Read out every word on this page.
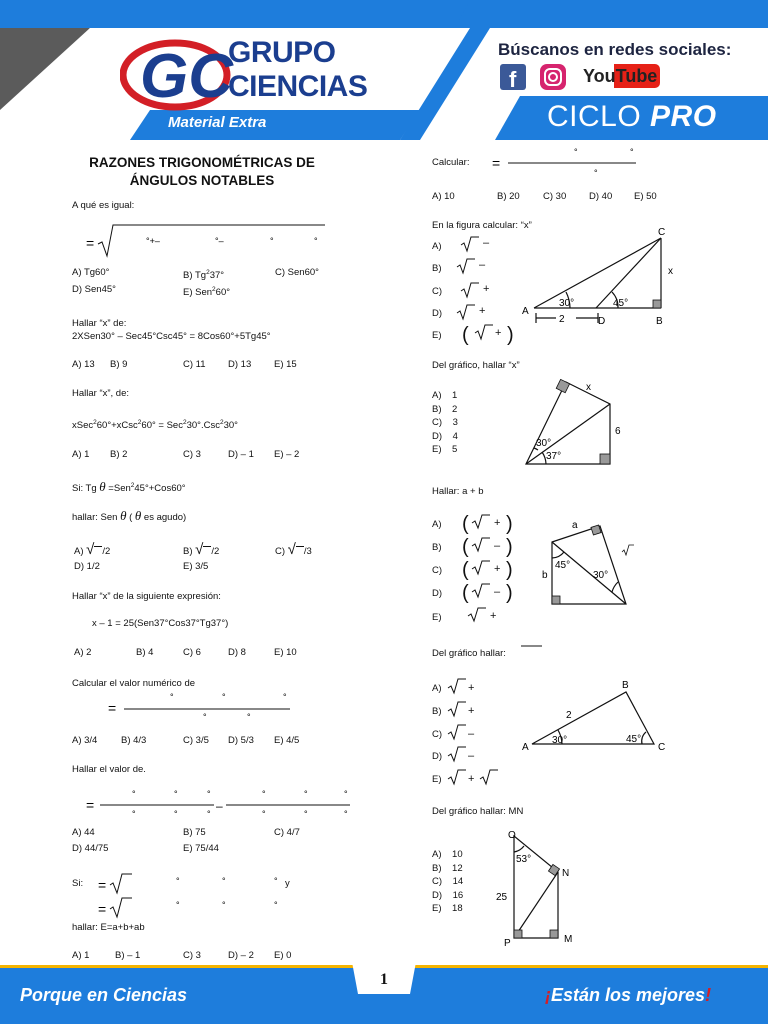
GC
GRUPO
CIENCIAS
Material Extra
Búscanos en redes sociales:
f	YouTube
CICLO PRO
RAZONES TRIGONOMÉTRICAS DE
ÁNGULOS NOTABLES
A qué es igual:
=	°+–	°–	°	°
A) Tg60°	B) Tg$^2$37°	C) Sen60°
D) Sen45°	E) Sen$^2$60°
Hallar “x” de:
2XSen30° – Sec45°Csc45° = 8Cos60°+5Tg45°
A) 13 B) 9	C) 11 D) 13 E) 15
Hallar “x”, de:
xSec$^2$60°+xCsc$^2$60° = Sec$^2$30°.Csc$^2$30°
A) 1 B) 2	C) 3	D) – 1 E) – 2
Si: Tg θ =Sen$^2$45°+Cos60°
hallar: Sen θ ( θ es agudo)
A) √ /2	B) √ /2	C) √ /3
D) 1/2	E) 3/5
Hallar “x” de la siguiente expresión:
x – 1 = 25(Sen37°Cos37°Tg37°)
A) 2	B) 4	C) 6	D) 8	E) 10
Calcular el valor numérico de
=
°	°	°
°	°
A) 3/4 B) 4/3	C) 3/5 D) 5/3 E) 4/5
Hallar el valor de.
=	–
°	°	°
°	°	°
°	°	°
°	°	°
A) 44	B) 75	C) 4/7
D) 44/75	E) 75/44
Si: =	°	°	°
=	°	°	°
y
hallar: E=a+b+ab
A) 1	B) – 1	C) 3	D) – 2 E) 0
Calcular: =
°	°
°
A) 10	B) 20 C) 30 D) 40 E) 50
En la figura calcular: “x”
A)
B)
C)
D)
E)
–
–
+
+
( + )
C
x
A
D	B
30°	45°
2
Del gráfico, hallar “x”
A)    1
B)    2
C)    3
D)    4
E)    5
x
6
30°
37°
Hallar: a + b
A)
B)
C)
D)
E)
( + )
( – )
( + )
( – )
+
a
b
45°
30°
Del gráfico hallar:
A)
B)
C)
D)
E)
+
+
–
–
+
B
A	C
2
30°	45°
Del gráfico hallar: MN
A)    10
B)    12
C)    14
D)    16
E)    18
O
N
P	M
53°
25
1
Porque en Ciencias	¡Están los mejores!
